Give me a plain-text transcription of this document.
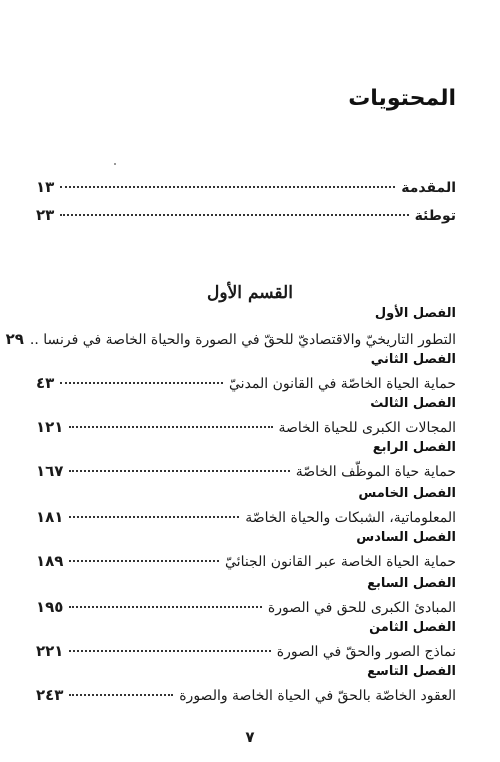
المحتويات
المقدمة
١٣
توطئة
٢٣
القسم الأول
الفصل الأول
التطور التاريخيّ والاقتصاديّ للحقّ في الصورة والحياة الخاصة في فرنسا ..
٢٩
الفصل الثاني
حماية الحياة الخاصّة في القانون المدنيّ
٤٣
الفصل الثالث
المجالات الكبرى للحياة الخاصة
١٢١
الفصل الرابع
حماية حياة الموظّف الخاصّة
١٦٧
الفصل الخامس
المعلوماتية، الشبكات والحياة الخاصّة
١٨١
الفصل السادس
حماية الحياة الخاصة عبر القانون الجنائيّ
١٨٩
الفصل السابع
المبادئ الكبرى للحق في الصورة
١٩٥
الفصل الثامن
نماذج الصور والحقّ في الصورة
٢٢١
الفصل التاسع
العقود الخاصّة بالحقّ في الحياة الخاصة والصورة
٢٤٣
٧
